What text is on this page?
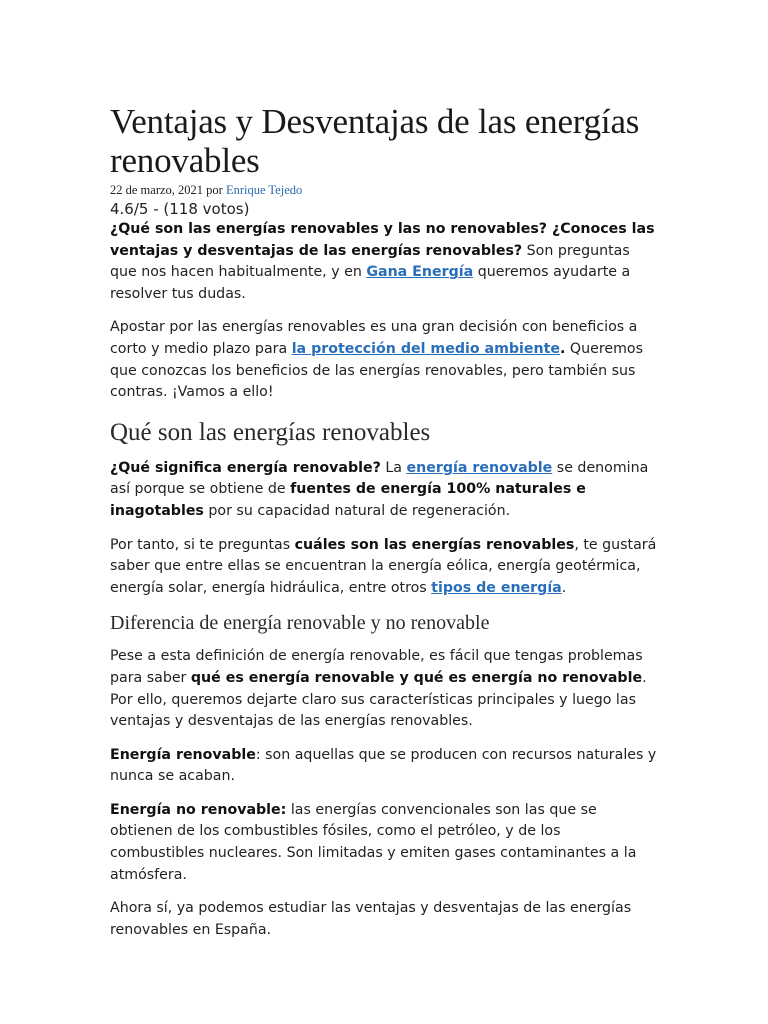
Ventajas y Desventajas de las energías renovables
22 de marzo, 2021 por Enrique Tejedo
4.6/5 - (118 votos)

¿Qué son las energías renovables y las no renovables? ¿Conoces las ventajas y desventajas de las energías renovables? Son preguntas que nos hacen habitualmente, y en Gana Energía queremos ayudarte a resolver tus dudas.

Apostar por las energías renovables es una gran decisión con beneficios a corto y medio plazo para la protección del medio ambiente. Queremos que conozcas los beneficios de las energías renovables, pero también sus contras. ¡Vamos a ello!

Qué son las energías renovables

¿Qué significa energía renovable? La energía renovable se denomina así porque se obtiene de fuentes de energía 100% naturales e inagotables por su capacidad natural de regeneración.

Por tanto, si te preguntas cuáles son las energías renovables, te gustará saber que entre ellas se encuentran la energía eólica, energía geotérmica, energía solar, energía hidráulica, entre otros tipos de energía.

Diferencia de energía renovable y no renovable

Pese a esta definición de energía renovable, es fácil que tengas problemas para saber qué es energía renovable y qué es energía no renovable. Por ello, queremos dejarte claro sus características principales y luego las ventajas y desventajas de las energías renovables.

Energía renovable: son aquellas que se producen con recursos naturales y nunca se acaban.

Energía no renovable: las energías convencionales son las que se obtienen de los combustibles fósiles, como el petróleo, y de los combustibles nucleares. Son limitadas y emiten gases contaminantes a la atmósfera.

Ahora sí, ya podemos estudiar las ventajas y desventajas de las energías renovables en España.
